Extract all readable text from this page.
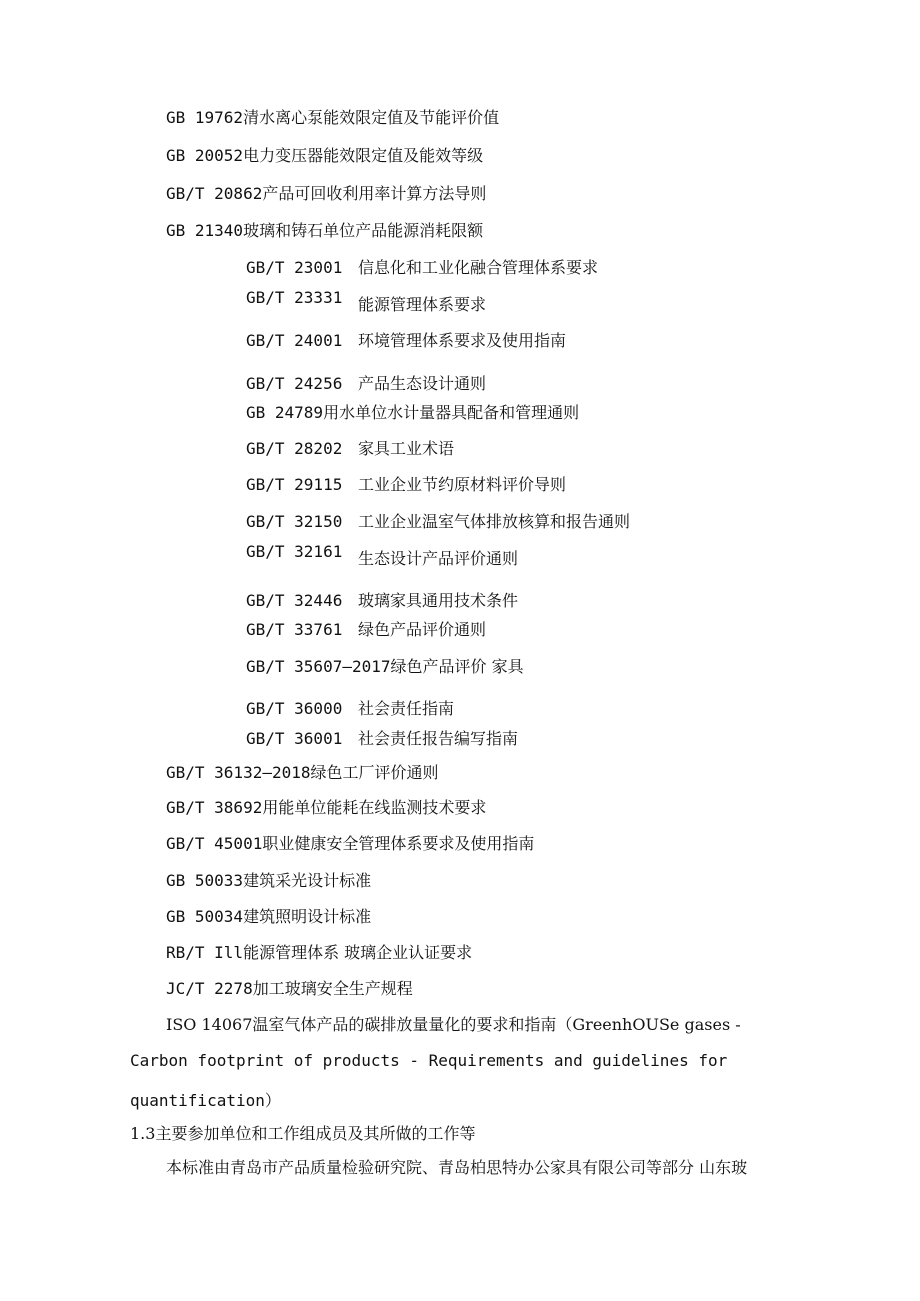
GB 19762清水离心泵能效限定值及节能评价值
GB 20052电力变压器能效限定值及能效等级
GB/T 20862产品可回收利用率计算方法导则
GB 21340玻璃和铸石单位产品能源消耗限额
GB/T 23001 信息化和工业化融合管理体系要求
GB/T 23331 能源管理体系要求
GB/T 24001 环境管理体系要求及使用指南
GB/T 24256 产品生态设计通则
GB 24789用水单位水计量器具配备和管理通则
GB/T 28202 家具工业术语
GB/T 29115 工业企业节约原材料评价导则
GB/T 32150 工业企业温室气体排放核算和报告通则
GB/T 32161 生态设计产品评价通则
GB/T 32446 玻璃家具通用技术条件
GB/T 33761 绿色产品评价通则
GB/T 35607—2017绿色产品评价 家具
GB/T 36000 社会责任指南
GB/T 36001 社会责任报告编写指南
GB/T 36132—2018绿色工厂评价通则
GB/T 38692用能单位能耗在线监测技术要求
GB/T 45001职业健康安全管理体系要求及使用指南
GB 50033建筑采光设计标准
GB 50034建筑照明设计标准
RB/T Ill能源管理体系 玻璃企业认证要求
JC/T 2278加工玻璃安全生产规程
ISO 14067温室气体产品的碳排放量量化的要求和指南（GreenhOUSe gases -
Carbon footprint of products - Requirements and guidelines for
quantification）
1.3主要参加单位和工作组成员及其所做的工作等
本标准由青岛市产品质量检验研究院、青岛柏思特办公家具有限公司等部分 山东玻
